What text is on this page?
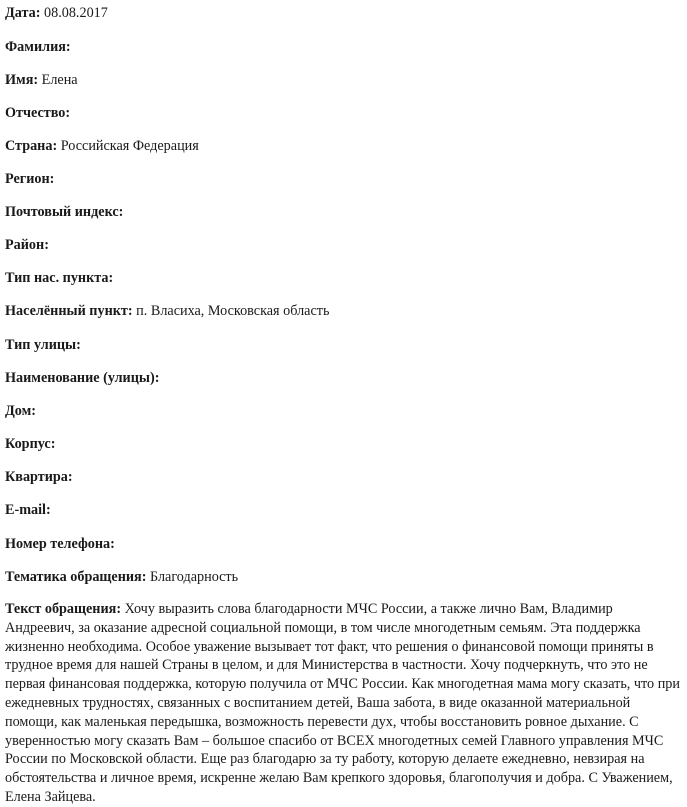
Дата: 08.08.2017

Фамилия:

Имя: Елена

Отчество:

Страна: Российская Федерация

Регион:

Почтовый индекс:

Район:

Тип нас. пункта:

Населённый пункт: п. Власиха, Московская область

Тип улицы:

Наименование (улицы):

Дом:

Корпус:

Квартира:

E-mail:

Номер телефона:

Тематика обращения: Благодарность

Текст обращения: Хочу выразить слова благодарности МЧС России, а также лично Вам, Владимир Андреевич, за оказание адресной социальной помощи, в том числе многодетным семьям. Эта поддержка жизненно необходима. Особое уважение вызывает тот факт, что решения о финансовой помощи приняты в трудное время для нашей Страны в целом, и для Министерства в частности. Хочу подчеркнуть, что это не первая финансовая поддержка, которую получила от МЧС России. Как многодетная мама могу сказать, что при ежедневных трудностях, связанных с воспитанием детей, Ваша забота, в виде оказанной материальной помощи, как маленькая передышка, возможность перевести дух, чтобы восстановить ровное дыхание. С уверенностью могу сказать Вам – большое спасибо от ВСЕХ многодетных семей Главного управления МЧС России по Московской области. Еще раз благодарю за ту работу, которую делаете ежедневно, невзирая на обстоятельства и личное время, искренне желаю Вам крепкого здоровья, благополучия и добра. С Уважением, Елена Зайцева.
